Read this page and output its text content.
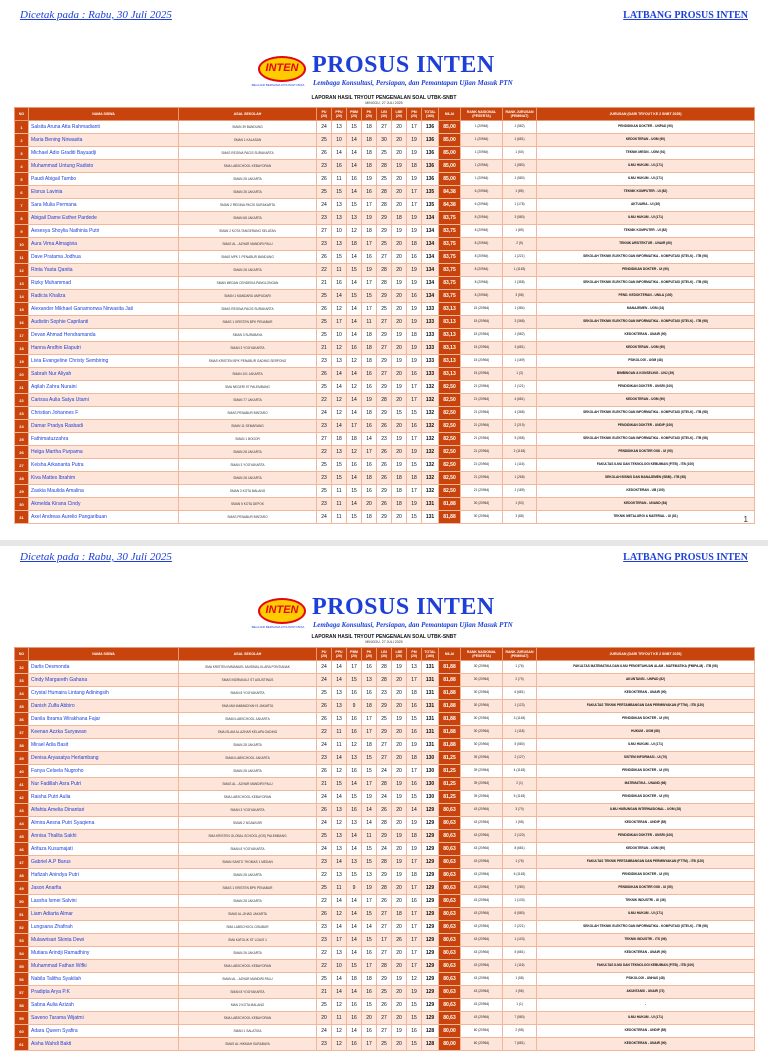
Dicetak pada : Rabu, 30 Juli 2025	LATBANG PROSUS INTEN
INTEN
BELAJAR BERSAMA KITA PASTI BISA
PROSUS INTEN
Lembaga Konsultasi, Persiapan, dan Pemantapan Ujian Masuk PTN
LAPORAN HASIL TRYOUT PENGENALAN SOAL UTBK-SNBT
MINGGU, 27 JULI 2025
NO	NAMA SISWA	ASAL SEKOLAH	PU (20)	PPU (20)	PBM (20)	PK (20)	LBI (30)	LBE (20)	PM (20)	TOTAL (160)	NILAI	RANK NASIONAL (PESERTA)	RANK JURUSAN (PEMINAT)	JURUSAN (DARI TRYOUT KE 2 SNBT 2025)
1	Salsita Aruna Atta Rahmadianti	SMAN 39 BANDUNG	24	13	15	18	27	20	17	136	85,00	1 (20964)	1 (582)	PENDIDIKAN DOKTER - UNPAD (90)
2	Maria Bening Nirwasita	SMAN 1 KALASAN	25	10	14	18	30	20	19	136	85,00	1 (20964)	1 (681)	KEDOKTERAN - UGM (90)
3	Michael Adio Graditi Bayuadji	SMAS REGINA PACIS SURAKARTA	26	14	14	18	25	20	19	136	85,00	1 (20964)	1 (50)	TEKNIK MESIN - UGM (91)
4	Muhammad Untung Radisto	SMA LABSCHOOL KEBAYORAN	23	16	14	18	28	19	18	136	85,00	1 (20964)	1 (580)	ILMU HUKUM - UI (171)
5	Paudi Abigail Tambo	SMAN 28 JAKARTA	26	11	16	19	25	20	19	136	85,00	1 (20964)	1 (580)	ILMU HUKUM - UI (171)
6	Elorus Lavinia	SMAN 28 JAKARTA	25	15	14	16	28	20	17	135	84,38	6 (20964)	1 (85)	TEKNIK KOMPUTER - UI (82)
7	Sara Mulia Permana	SMAN 2 REGINA PACIS SURAKARTA	24	13	15	17	28	20	17	135	84,38	6 (20964)	1 (178)	AKTUARIA - UI (36)
8	Abigail Dame Esther Pardede	SMAN 68 JAKARTA	23	13	13	19	29	18	19	134	83,75	8 (20964)	3 (580)	ILMU HUKUM - UI (171)
9	Aesesya Shoylia Nathinia Putri	SMAN 2 KOTA TANGERANG SELATAN	27	10	12	18	29	19	19	134	83,75	8 (20964)	1 (85)	TEKNIK KOMPUTER - UI (82)
10	Aura Vima Almagivia	SMAS AL - AZHAR MANDIRI PALU	23	13	18	17	25	20	18	134	83,75	8 (20964)	2 (5)	TEKNIK ARSITEKTUR - UNAIR (60)
11	Dave Pratama Jodhua	SMAS MPK 1 PENABUR BANDUNG	26	15	14	16	27	20	16	134	83,75	8 (20964)	1 (221)	SEKOLAH TEKNIK ELEKTRO DAN INFORMATIKA - KOMPUTASI (STEI-K) - ITB (98)
12	Rinta Yasta Qanita	SMAN 28 JAKARTA	22	11	15	19	28	20	19	134	83,75	8 (20964)	1 (1163)	PENDIDIKAN DOKTER - UI (90)
13	Rizky Muhammad	SMAN MEDAN CENDEKIA PANGLONGAN	21	16	14	17	28	19	19	134	83,75	8 (20964)	1 (358)	SEKOLAH TEKNIK ELEKTRO DAN INFORMATIKA - KOMPUTASI (STEI-K) - ITB (98)
14	Radicia Khaliza	SMAN 1 MANDARU AMPUDARI	25	14	15	15	29	20	16	134	83,75	8 (20964)	3 (58)	PEND. KEDOKTERAN - UNILA (100)
15	Alexander Mikhael Ganamonwa Nirwasita Jati	SMAS REGINA PACIS SURAKARTA	26	12	14	17	25	20	19	133	83,13	15 (20964)	1 (384)	MANAJEMEN - UGM (24)
16	Audistin Sophie Caprilanti	SMAS 1 KRISTEN BPK PENABUR	25	17	14	11	27	20	19	133	83,13	15 (20964)	3 (368)	SEKOLAH TEKNIK ELEKTRO DAN INFORMATIKA - KOMPUTASI (STEI-K) - ITB (98)
17	Devan Ahmad Hendramanda	SMAN 3 SURABAYA	25	10	14	18	29	19	18	133	83,13	15 (20964)	1 (582)	KEDOKTERAN - UNAIR (90)
18	Hanna Andhin Elaputri	SMAN 3 YOGYAKARTA	21	12	16	18	27	20	19	133	83,13	15 (20964)	3 (681)	KEDOKTERAN - UGM (90)
19	Livia Evangeline Christy Sembiring	SMAS KRISTEN BPK PENABUR GADING SERPONG	23	13	12	18	29	19	19	133	83,13	15 (20964)	1 (169)	PSIKOLOGI - UGM (48)
20	Sabrah Nur Aliyah	SMAN 101 JAKARTA	26	14	14	16	27	20	16	133	83,13	15 (20964)	1 (3)	BIMBINGAN & KONSELING - UNJ (39)
21	Aqilah Zahra Nuraini	SMA NEGERI 97 PALEMBANG	25	14	12	16	29	19	17	132	82,50	21 (20964)	1 (121)	PENDIDIKAN DOKTER - UNSRI (100)
22	Carissa Aulia Satya Utami	SMAN 77 JAKARTA	22	12	14	19	28	20	17	132	82,50	21 (20964)	4 (681)	KEDOKTERAN - UGM (90)
23	Christian Johannes F	SMAS PENABUR BINTARO	24	12	14	18	29	15	15	132	82,50	21 (20964)	4 (368)	SEKOLAH TEKNIK ELEKTRO DAN INFORMATIKA - KOMPUTASI (STEI-K) - ITB (98)
24	Damar Pradya Rasbadi	SMAN 11 SEMARANG	23	14	17	16	26	20	16	132	82,50	21 (20964)	2 (219)	PENDIDIKAN DOKTER - UNDIP (100)
25	Fathimatuzzahra	SMAN 1 BOGOR	27	18	18	14	23	19	17	132	82,50	21 (20964)	5 (358)	SEKOLAH TEKNIK ELEKTRO DAN INFORMATIKA - KOMPUTASI (STEI-K) - ITB (98)
26	Helga Martha Purpama	SMAN 28 JAKARTA	22	13	12	17	26	20	19	132	82,50	21 (20964)	2 (1163)	PENDIDIKAN DOKTER GIGI - UI (90)
27	Keisha Arkananta Putra	SMAN 3 YOGYAKARTA	25	15	16	16	26	19	15	132	82,50	21 (20964)	1 (116)	FAKULTAS ILMU DAN TEKNOLOGI KEBUMIAN (FITB) - ITB (100)
28	Kiva Mattes Ibrahim	SMAN 28 JAKARTA	23	15	14	18	26	18	18	132	82,50	21 (20964)	1 (268)	SEKOLAH BISNIS DAN MANAJEMEN (SBM) - ITB (98)
29	Zaskia Maulida Amalina	SMAN 3 KOTA MALANG	25	11	15	16	29	18	17	132	82,50	21 (20964)	1 (189)	KEDOKTERAN - UB (100)
30	Akmelda Kirana Cindy	SMAN 5 KOTA DEPOK	23	11	14	20	26	18	19	131	81,88	30 (20964)	1 (53)	KEDOKTERAN - UNAND (84)
31	Axel Andreas Aurelio Pangaribuan	SMAS PENABUR BINTARO	24	11	15	18	29	20	15	131	81,88	30 (20964)	3 (88)	TEKNIK METALURGI & MATERIAL - UI (81)	1
Dicetak pada : Rabu, 30 Juli 2025	LATBANG PROSUS INTEN
INTEN
BELAJAR BERSAMA KITA PASTI BISA
PROSUS INTEN
Lembaga Konsultasi, Persiapan, dan Pemantapan Ujian Masuk PTN
LAPORAN HASIL TRYOUT PENGENALAN SOAL UTBK-SNBT
MINGGU, 27 JULI 2025
NO	NAMA SISWA	ASAL SEKOLAH	PU (20)	PPU (20)	PBM (20)	PK (20)	LBI (30)	LBE (20)	PM (20)	TOTAL (160)	NILAI	RANK NASIONAL (PESERTA)	RANK JURUSAN (PEMINAT)	JURUSAN (DARI TRYOUT KE 2 SNBT 2025)
32	Darlis Desmonda	SMA KRISTEN IMMANUEL MUSIMAL KLARA PONTIANAK	24	14	17	16	28	19	13	131	81,88	30 (20964)	1 (76)	FAKULTAS MATEMATIKA DAN ILMU PENGETAHUAN ALAM - MATEMATIKA (FMIPA-M) - ITB (98)
33	Cindy Margareth Gahana	SMAS INDRIANA 2 ST AGUSTINUS	24	14	15	13	28	20	17	131	81,88	30 (20964)	2 (70)	AKUNTANSI - UNPAD (82)
34	Crystal Humaira Lintang Adiningsih	SMAN 8 YOGYAKARTA	25	13	16	16	23	20	18	131	81,88	30 (20964)	6 (681)	KEDOKTERAN - UNAIR (90)
35	Danish Zulfa Abbiro	SMA MUHAMMADIYAH 5 JAKARTA	26	13	9	18	29	20	16	131	81,88	30 (20964)	1 (123)	FAKULTAS TEKNIK PERTAMBANGAN DAN PERMINYAKAN (FTTM) - ITB (120)
36	Danila Ibrama Wirakhana Fajar	SMAN LABSCHOOL JAKARTA	26	13	16	17	25	19	15	131	81,88	30 (20964)	3 (1163)	PENDIDIKAN DOKTER - UI (90)
37	Keenan Azzka Suryawan	SMA ISLAM AL AZHAR KELAPA GADING	22	11	16	17	29	20	16	131	81,88	30 (20964)	1 (118)	HUKUM - UGM (86)
38	Mirael Adia Basit	SMAN 28 JAKARTA	24	11	12	18	27	20	19	131	81,88	30 (20964)	5 (580)	ILMU HUKUM - UI (171)
39	Denisa Aryasatya Herlambang	SMAN LABSCHOOL JAKARTA	23	14	13	15	27	20	18	130	81,25	39 (20964)	2 (127)	SISTEM INFORMASI - UI (70)
40	Fanya Celsela Nugroho	SMAN 28 JAKARTA	26	12	16	15	24	20	17	130	81,25	39 (20964)	4 (1163)	PENDIDIKAN DOKTER - UI (90)
41	Nur Fadillah Asra Putri	SMAS AL - AZHAR MANDIRI PALU	21	15	14	17	28	19	16	130	81,25	39 (20964)	2 (1)	MATEMATIKA - UNAND (66)
42	Raisha Putri Aulia	SMA LABSCHOOL KEBAYORAN	24	14	15	19	24	19	15	130	81,25	39 (20964)	5 (1163)	PENDIDIKAN DOKTER - UI (90)
43	Alfahta Amelia Dinantari	SMAN 3 YOGYAKARTA	26	13	16	14	26	20	14	129	80,63	43 (20964)	3 (70)	ILMU HUBUNGAN INTERNASIONAL - UGM (28)
44	Almira Aesna Putri Syaqiena	SMAN 2 NGAWI-BR	24	12	13	14	28	20	19	129	80,63	43 (20964)	1 (58)	KEDOKTERAN - UNDIP (85)
45	Annisa Thalita Sakhi	SMA KRISTEN GLOBAL SCHOOL (IGS) PALEMBANG	25	13	14	11	29	19	18	129	80,63	43 (20964)	2 (120)	PENDIDIKAN DOKTER - UNSRI (100)
46	Arifaza Kusumajati	SMAN 8 YOGYAKARTA	24	13	14	15	24	20	19	129	80,63	43 (20964)	8 (681)	KEDOKTERAN - UGM (90)
47	Gabriel A.P Barus	SMAN SANTO THOMAS 1 MEDAN	23	14	13	15	28	19	17	129	80,63	43 (20964)	1 (76)	FAKULTAS TEKNIK PERTAMBANGAN DAN PERMINYAKAN (FTTM) - ITB (120)
48	Hafizah Anindya Putri	SMAN 28 JAKARTA	22	13	15	13	29	19	18	129	80,63	43 (20964)	6 (1163)	PENDIDIKAN DOKTER - UI (90)
49	Jason Anarfia	SMAS 1 KRISTEN BPK PENABUR	25	11	9	19	28	20	17	129	80,63	43 (20964)	7 (280)	PENDIDIKAN DOKTER GIGI - UI (50)
50	Lassha Ismei Salvini	SMAN 28 JAKARTA	22	14	14	17	26	20	16	129	80,63	43 (20964)	1 (133)	TEKNIK INDUSTRI - UI (36)
51	Liam Adiarta Almar	SMAS AL-JIHAD JAKARTA	26	12	14	15	27	18	17	129	80,63	43 (20964)	6 (580)	ILMU HUKUM - UI (171)
52	Lungsana Zhafirah	SMA LABSCHOOL CIBUBUR	23	14	14	14	27	20	17	129	80,63	43 (20964)	2 (221)	SEKOLAH TEKNIK ELEKTRO DAN INFORMATIKA - KOMPUTASI (STEI-K) - ITB (98)
53	Mulawrisari Skinta Dewi	SMA KATOLIK ST LOUIS 1	23	17	14	15	17	26	17	129	80,63	43 (20964)	1 (103)	TEKNIK INDUSTRI - ITS (96)
54	Mutiara Arindji Ramadhiny	SMAN 26 JAKARTA	22	13	14	16	27	20	17	129	80,63	43 (20964)	5 (681)	KEDOKTERAN - UNAIR (90)
55	Muhammad Fathan Wifki	SMA LABSCHOOL KEBAYORAN	22	10	15	17	28	20	17	129	80,63	43 (20964)	1 (116)	FAKULTAS ILMU DAN TEKNOLOGI KEBUMIAN (FITB) - ITB (100)
56	Nabila Talitha Syakilah	SMAN AL - AZHAR MANDIRI PALU	25	14	18	18	29	19	12	129	80,63	43 (20964)	1 (58)	PSIKOLOGI - UNHAS (48)
57	Pradipta Arya P.K	SMAN 8 YOGYAKARTA	21	14	14	16	25	20	19	129	80,63	43 (20964)	1 (56)	AKUNTANSI - UNAIR (72)
58	Sabna Aulia Azizah	MAN 2 KOTA MALANG	25	12	16	15	26	20	15	129	80,63	43 (20964)	1 (1)	-
59	Saveno Tarama Wijatmi	SMA LABSCHOOL KEBAYORAN	20	11	16	20	27	20	15	129	80,63	43 (20964)	7 (580)	ILMU HUKUM - UI (171)
60	Adara Queen Syafira	SMAN 1 SALATIGA	24	12	14	16	27	19	16	128	80,00	60 (20964)	2 (58)	KEDOKTERAN - UNDIP (85)
61	Aisha Wahdi Bakti	SMAS AL HIKMAH SURABAYA	23	12	16	17	25	20	15	128	80,00	60 (20964)	7 (681)	KEDOKTERAN - UNAIR (90)
